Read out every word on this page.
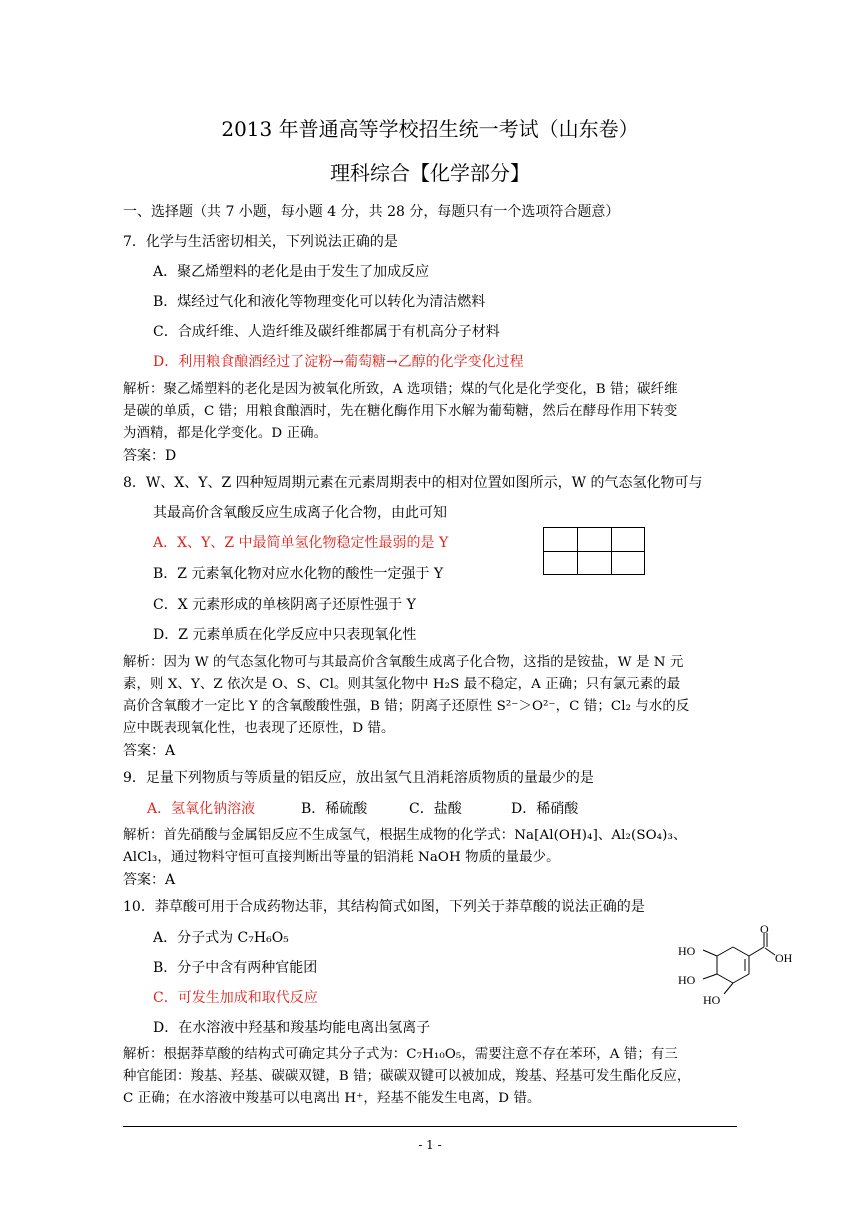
2013 年普通高等学校招生统一考试（山东卷）
理科综合【化学部分】
一、选择题（共 7 小题，每小题 4 分，共 28 分，每题只有一个选项符合题意）
7．化学与生活密切相关，下列说法正确的是
A．聚乙烯塑料的老化是由于发生了加成反应
B．煤经过气化和液化等物理变化可以转化为清洁燃料
C．合成纤维、人造纤维及碳纤维都属于有机高分子材料
D．利用粮食酿酒经过了淀粉→葡萄糖→乙醇的化学变化过程
解析：聚乙烯塑料的老化是因为被氧化所致，A 选项错；煤的气化是化学变化，B 错；碳纤维
是碳的单质，C 错；用粮食酿酒时，先在糖化酶作用下水解为葡萄糖，然后在酵母作用下转变
为酒精，都是化学变化。D 正确。
答案：D
8．W、X、Y、Z 四种短周期元素在元素周期表中的相对位置如图所示，W 的气态氢化物可与
其最高价含氧酸反应生成离子化合物，由此可知
A．X、Y、Z 中最简单氢化物稳定性最弱的是 Y
B．Z 元素氧化物对应水化物的酸性一定强于 Y
C．X 元素形成的单核阴离子还原性强于 Y
D．Z 元素单质在化学反应中只表现氧化性
解析：因为 W 的气态氢化物可与其最高价含氧酸生成离子化合物，这指的是铵盐，W 是 N 元
素，则 X、Y、Z 依次是 O、S、Cl。则其氢化物中 H₂S 最不稳定，A 正确；只有氯元素的最
高价含氧酸才一定比 Y 的含氧酸酸性强，B 错；阴离子还原性 S²⁻＞O²⁻，C 错；Cl₂ 与水的反
应中既表现氧化性，也表现了还原性，D 错。
答案：A
9．足量下列物质与等质量的铝反应，放出氢气且消耗溶质物质的量最少的是
A．氢氧化钠溶液	B．稀硫酸	C．盐酸	D．稀硝酸
解析：首先硝酸与金属铝反应不生成氢气，根据生成物的化学式：Na[Al(OH)₄]、Al₂(SO₄)₃、
AlCl₃，通过物料守恒可直接判断出等量的铝消耗 NaOH 物质的量最少。
答案：A
10．莽草酸可用于合成药物达菲，其结构简式如图，下列关于莽草酸的说法正确的是
A．分子式为 C₇H₆O₅
B．分子中含有两种官能团
C．可发生加成和取代反应
D．在水溶液中羟基和羧基均能电离出氢离子
HO
HO
HO
O
OH
解析：根据莽草酸的结构式可确定其分子式为：C₇H₁₀O₅，需要注意不存在苯环，A 错；有三
种官能团：羧基、羟基、碳碳双键，B 错；碳碳双键可以被加成，羧基、羟基可发生酯化反应，
C 正确；在水溶液中羧基可以电离出 H⁺，羟基不能发生电离，D 错。
- 1 -
